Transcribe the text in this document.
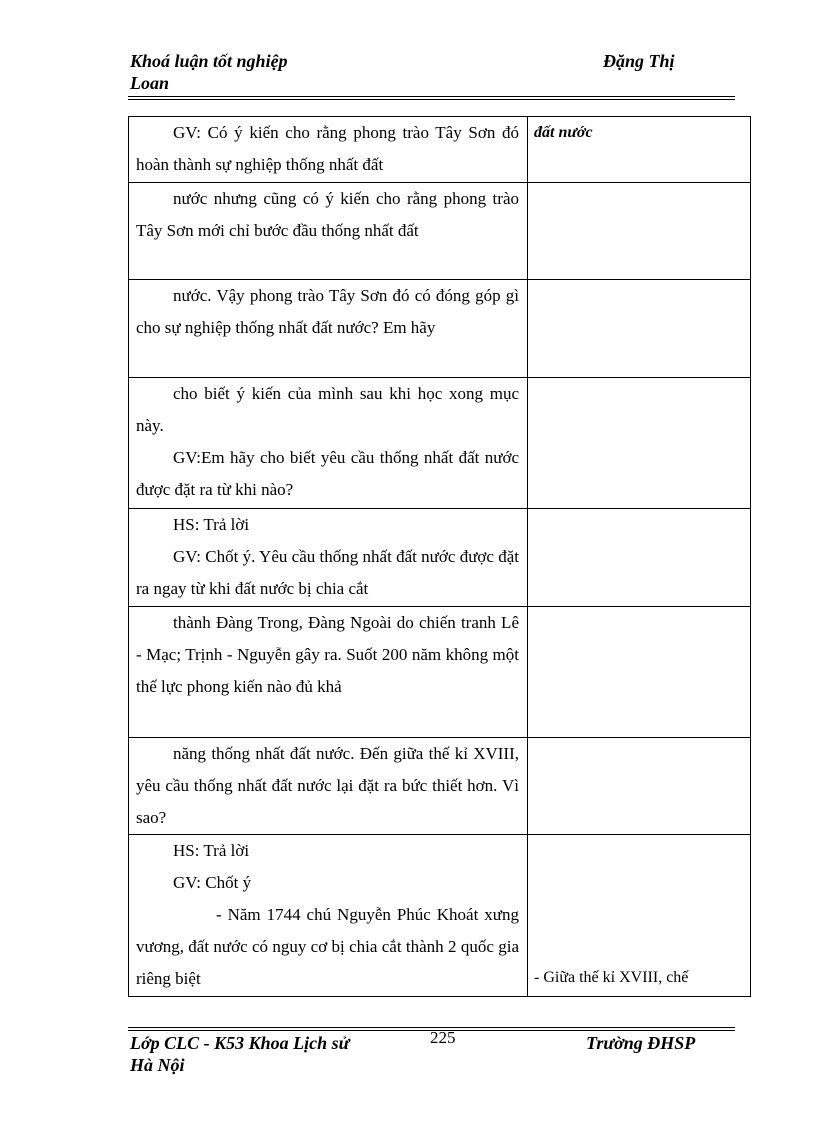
Khoá luận tốt nghiệp	Đặng Thị
Loan

GV: Có ý kiến cho rằng phong trào Tây Sơn đó hoàn thành sự nghiệp thống nhất đất	đất nước

nước nhưng cũng có ý kiến cho rằng phong trào Tây Sơn mới chỉ bước đầu thống nhất đất	

nước. Vậy phong trào Tây Sơn đó có đóng góp gì cho sự nghiệp thống nhất đất nước? Em hãy	

cho biết ý kiến của mình sau khi học xong mục này.

GV:Em hãy cho biết yêu cầu thống nhất đất nước được đặt ra từ khi nào?	

HS: Trả lời

GV: Chốt ý. Yêu cầu thống nhất đất nước được đặt ra ngay từ khi đất nước bị chia cắt	

thành Đàng Trong, Đàng Ngoài do chiến tranh Lê - Mạc; Trịnh - Nguyễn gây ra. Suốt 200 năm không một thế lực phong kiến nào đủ khả	

năng thống nhất đất nước. Đến giữa thế kỉ XVIII, yêu cầu thống nhất đất nước lại đặt ra bức thiết hơn. Vì sao?	

HS: Trả lời

GV: Chốt ý

- Năm 1744 chú Nguyễn Phúc Khoát xưng vương, đất nước có nguy cơ bị chia cắt thành 2 quốc gia riêng biệt	- Giữa thế kỉ XVIII, chế
Lớp CLC - K53 Khoa Lịch sử	225	Trường ĐHSP
Hà Nội
